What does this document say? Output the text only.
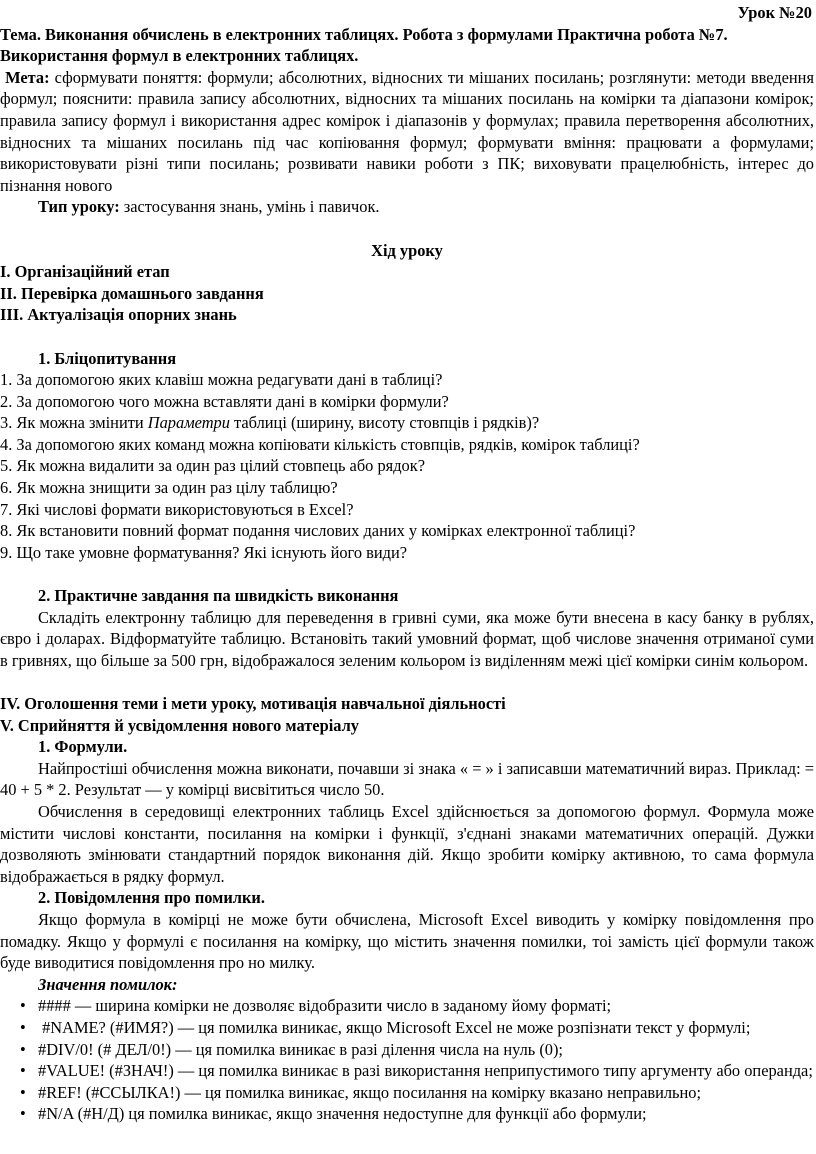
Урок №20

Тема. Виконання обчислень в електронних таблицях. Робота з формулами Практична робота №7. Використання формул в електронних таблицях.

Мета: сформувати поняття: формули; абсолютних, відносних ти мішаних посилань; розглянути: методи введення формул; пояснити: правила запису абсолютних, відносних та мішаних посилань на комірки та діапазони комірок; правила запису формул і використання адрес комірок і діапазонів у формулах; правила перетворення абсолютних, відносних та мішаних посилань під час копіювання формул; формувати вміння: працювати а формулами; використовувати різні типи посилань; розвивати навики роботи з ПК; виховувати працелюбність, інтерес до пізнання нового

Тип уроку: застосування знань, умінь і павичок.

Хід уроку

I. Організаційний етап

II. Перевірка домашнього завдання

III. Актуалізація опорних знань

1. Бліцопитування

1. За допомогою яких клавіш можна редагувати дані в таблиці?
2. За допомогою чого можна вставляти дані в комірки формули?
3. Як можна змінити Параметри таблиці (ширину, висоту стовпців і рядків)?
4. За допомогою яких команд можна копіювати кількість стовпців, рядків, комірок таблиці?
5. Як можна видалити за один раз цілий стовпець або рядок?
6. Як можна знищити за один раз цілу таблицю?
7. Які числові формати використовуються в Excel?
8. Як встановити повний формат подання числових даних у комірках електронної таблиці?
9. Що таке умовне форматування? Які існують його види?

2. Практичне завдання па швидкість виконання

Складіть електронну таблицю для переведення в гривні суми, яка може бути внесена в касу банку в рублях, євро і доларах. Відформатуйте таблицю. Встановіть такий умовний формат, щоб числове значення отриманої суми в гривнях, що більше за 500 грн, відображалося зеленим кольором із виділенням межі цієї комірки синім кольором.

IV. Оголошення теми і мети уроку, мотивація навчальної діяльності

V. Сприйняття й усвідомлення нового матеріалу

1. Формули.

Найпростіші обчислення можна виконати, почавши зі знака « = » і записавши математичний вираз. Приклад: = 40 + 5 * 2. Результат — у комірці висвітиться число 50.

Обчислення в середовищі електронних таблиць Excel здійснюється за допомогою формул. Формула може містити числові константи, посилання на комірки і функції, з'єднані знаками математичних операцій. Дужки дозволяють змінювати стандартний порядок виконання дій. Якщо зробити комірку активною, то сама формула відображається в рядку формул.

2. Повідомлення про помилки.

Якщо формула в комірці не може бути обчислена, Microsoft Excel виводить у комірку повідомлення про помадку. Якщо у формулі є посилання на комірку, що містить значення помилки, тоі замість цієї формули також буде виводитися повідомлення про но милку.

Значення помилок:

• #### — ширина комірки не дозволяє відобразити число в заданому йому форматі;
• #NAME? (#ИМЯ?) — ця помилка виникає, якщо Microsoft Excel не може розпізнати текст у формулі;
• #DIV/0! (# ДЕЛ/0!) — ця помилка виникає в разі ділення числа на нуль (0);
• #VALUE! (#ЗНАЧ!) — ця помилка виникає в разі використання неприпустимого типу аргументу або операнда;
• #REF! (#ССЫЛКА!) — ця помилка виникає, якщо посилання на комірку вказано неправильно;
• #N/A (#Н/Д) ця помилка виникає, якщо значення недоступне для функції або формули;
